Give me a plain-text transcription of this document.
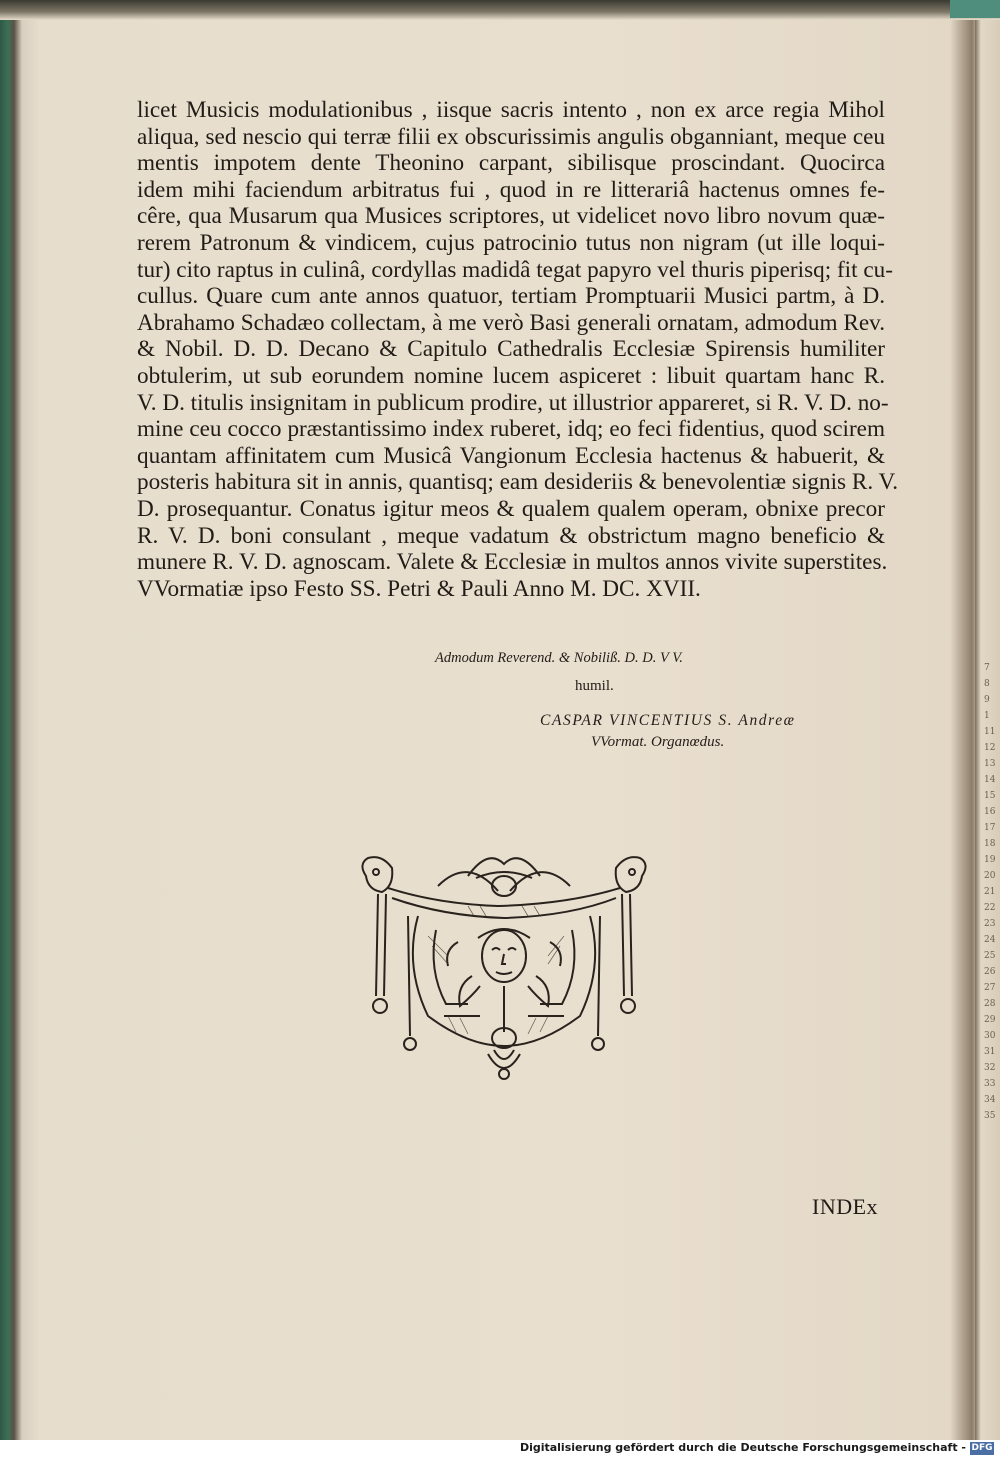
7
8
9
1
11
12
13
14
15
16
17
18
19
20
21
22
23
24
25
26
27
28
29
30
31
32
33
34
35
licet Musicis modulationibus , iisque sacris intento , non ex arce regia Mihol
aliqua, sed nescio qui terræ filii ex obscurissimis angulis obganniant, meque ceu
mentis impotem dente Theonino carpant, sibilisque proscindant. Quocirca
idem mihi faciendum arbitratus fui , quod in re litterariâ hactenus omnes fe-
cêre, qua Musarum qua Musices scriptores, ut videlicet novo libro novum quæ-
rerem Patronum & vindicem, cujus patrocinio tutus non nigram (ut ille loqui-
tur) cito raptus in culinâ, cordyllas madidâ tegat papyro vel thuris piperisq; fit cu-
cullus. Quare cum ante annos quatuor, tertiam Promptuarii Musici partm, à D.
Abrahamo Schadæo collectam, à me verò Basi generali ornatam, admodum Rev.
& Nobil. D. D. Decano & Capitulo Cathedralis Ecclesiæ Spirensis humiliter
obtulerim, ut sub eorundem nomine lucem aspiceret : libuit quartam hanc R.
V. D. titulis insignitam in publicum prodire, ut illustrior appareret, si R. V. D. no-
mine ceu cocco præstantissimo index ruberet, idq; eo feci fidentius, quod scirem
quantam affinitatem cum Musicâ Vangionum Ecclesia hactenus & habuerit, &
posteris habitura sit in annis, quantisq; eam desideriis & benevolentiæ signis R. V.
D. prosequantur. Conatus igitur meos & qualem qualem operam, obnixe precor
R. V. D. boni consulant , meque vadatum & obstrictum magno beneficio &
munere R. V. D. agnoscam. Valete & Ecclesiæ in multos annos vivite superstites.
VVormatiæ ipso Festo SS. Petri & Pauli Anno M. DC. XVII.
Admodum Reverend. & Nobiliß. D. D. V V.
humil.
CASPAR VINCENTIUS S. Andreæ
VVormat. Organœdus.
INDEx
Digitalisierung gefördert durch die Deutsche Forschungsgemeinschaft - DFG
